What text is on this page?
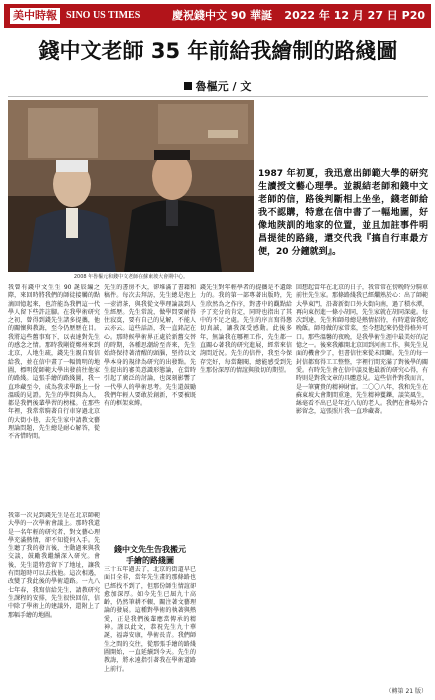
美中時報 SINO US TIMES	慶祝錢中文 90 華誕 2022 年 12 月 27 日 P20
錢中文老師 35 年前給我繪制的路綫圖
魯樞元 / 文
2008 年魯樞元和錢中文老師在蘇東坡大會期中心。
1987 年初夏，我迅意出師範大學的研究生讀授文藝心理學。並親結老師和錢中文老師的信，路後判斷相上坐坐，錢老師給我不認購，特意在信中書了一幅地圖，好像地陝訓的地家的位置，並且加註事件明昌提徒的路綫，還交代我『搞自行車最方便，20 分鐘就到』。
我曾有錢中文生生 90 誕辰編之際，來回時將我們的師徒接觸的點滴回憶起來，也許能為我們這一代學人留下些許註腳。在我學術研究之初，曾得到錢先生諸多提攜，他的關懷與教誨，至今仍歷歷在目。我將這些舊事寫下，以表達對先生的感念之情。那時我剛從鄭州來到北京，人地生疏，錢先生親自寫信給我，並在信中畫了一幅簡明的地圖，標明從師範大學出發前往他家的路綫。這張手繪的路綫圖，我一直珍藏至今，成為我求學路上一份溫暖的見證。先生的學問與為人，都是我們後輩學習的榜樣。在那些年裡，我常常騎著自行車穿過北京的大街小巷，去先生家中請教文藝理論問題，先生總是耐心解答，從不吝惜時間。
我第一次見到錢先生是在北京師範大學的一次學術會議上。那時我還是一名年輕的研究者，對文藝心理學充滿熱情，卻不知從何入手。先生聽了我的發言後，主動過來與我交談，鼓勵我繼續深入研究。會後，先生還特意留下了地址，讓我有問題時可以去找他。這次相遇，改變了我此後的學術道路。一九八七年春，我寫信給先生，請教研究生課程的安排，先生很快回信，信中除了學術上的建議外，還附上了那幅手繪的地圖。
先生的書房不大，卻堆滿了書籍和稿件。每次去拜訪，先生總是泡上一壺清茶，與我從文學理論談到人生經歷。先生常說，做學問要耐得住寂寞，要有自己的見解，不能人云亦云。這些話語，我一直銘記在心。那時候學術界正處於新舊交替的時期，各種思潮紛至沓來，先生始終保持著清醒的頭腦，堅持以文學本身的規律為研究的出發點。先生提出的審美意識形態論，在當時引起了廣泛的討論，也深刻影響了一代學人的學術思考。先生還鼓勵我們年輕人要敢於創新，不要被既有的框架束縛。
錢中文先生告我搬元手繪的路綫圖
錢先生對年輕學者的提攜是不遺餘力的。我的第一部專著出版時，先生欣然為之作序，對書中的觀點給予了充分的肯定，同時也指出了其中的不足之處。先生的序言寫得懇切真誠，讓我深受感動。此後多年，無論我在哪裡工作，先生都一直關心著我的研究進展，經常來信詢問近況。先生的信件，我至今保存完好，每當翻閱，總能感受到先生那份深厚的情誼與殷切的期望。
回想起當年在北京的日子，我常常在傍晚時分騎車前往先生家。那條路綫我已經爛熟於心：出了師範大學東門，沿著新街口外大街向南，過了積水潭，再向東拐進一條小胡同，先生家就在胡同深處。每次到達，先生和師母總是熱情招待，有時還留我吃晚飯。師母做的家常菜，至今想起來仍覺得格外可口。那些溫馨的夜晚，是我學術生涯中最美好的記憶之一。後來我離開北京回到河南工作，與先生見面的機會少了，但書信往來從未間斷。先生的每一封信都寫得工工整整，字裡行間充滿了對後學的關愛。有時先生會在信中談及他最新的研究心得，有時則是對我文章的具體意見。這些信件對我而言，是一筆寶貴的精神財富。二〇〇八年，我和先生在蘇東坡大會期間重逢，先生精神矍鑠，談笑風生，絲毫看不出已是年近八旬的老人。我們在會場外合影留念，這張照片我一直珍藏著。
三十五年過去了，北京的街道早已面目全非，當年先生畫的那條路也已經找不到了，但那份師生情誼卻愈加深厚。如今先生已屆九十高齡，仍然筆耕不輟，關注著文藝理論的發展。這種對學術的執著與熱愛，正是我們後輩應當傳承的精神。謹以此文，恭祝先生九十華誕，福壽安康，學術長青。我們師生之間的交往，從那張手繪的路綫圖開始，一直延續到今天。先生的教誨，將永遠指引著我在學術道路上前行。
（轉第 21 版）
